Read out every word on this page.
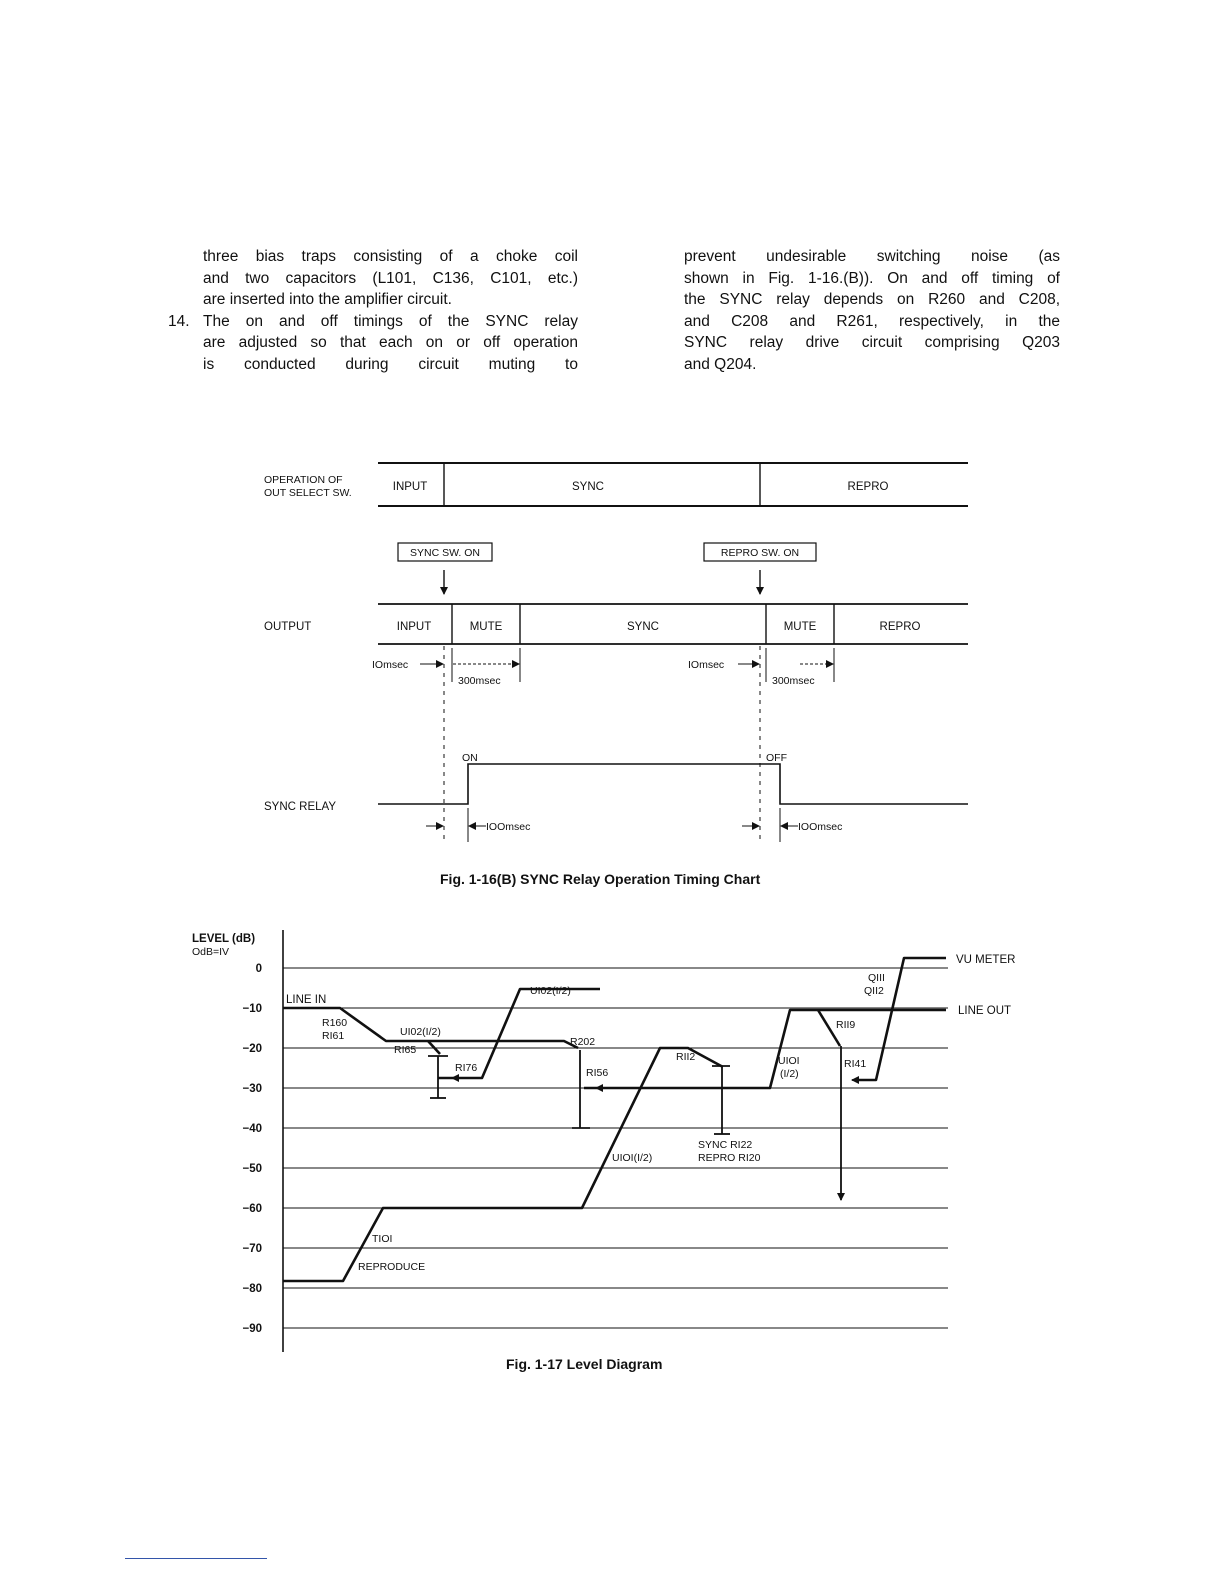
three bias traps consisting of a choke coil

and two capacitors (L101, C136, C101, etc.)

are inserted into the amplifier circuit.

14. The on and off timings of the SYNC relay

are adjusted so that each on or off operation

is conducted during circuit muting to

prevent undesirable switching noise (as

shown in Fig. 1-16.(B)). On and off timing of

the SYNC relay depends on R260 and C208,

and C208 and R261, respectively, in the

SYNC relay drive circuit comprising Q203

and Q204.

OPERATION OF
OUT SELECT SW.	INPUT	SYNC	REPRO
SYNC SW. ON	REPRO SW. ON
OUTPUT	INPUT	MUTE	SYNC	MUTE	REPRO
IOmsec
300msec
IOmsec
300msec
ON	OFF
SYNC RELAY
IOOmsec	IOOmsec
LEVEL (dB)
OdB=IV
0
−10
−20
−30
−40
−50
−60
−70
−80
−90
LINE IN
R160
RI61
RI65
UI02(I/2)
UI02(I/2)
RI76
R202
RI56
RII2	UIOI
(I/2)
UIOI(I/2)
SYNC RI22
REPRO RI20
RII9
RI41
QIII
QII2
TIOI
REPRODUCE
VU METER
LINE OUT
Fig. 1-16(B) SYNC Relay Operation Timing Chart
Fig. 1-17 Level Diagram
